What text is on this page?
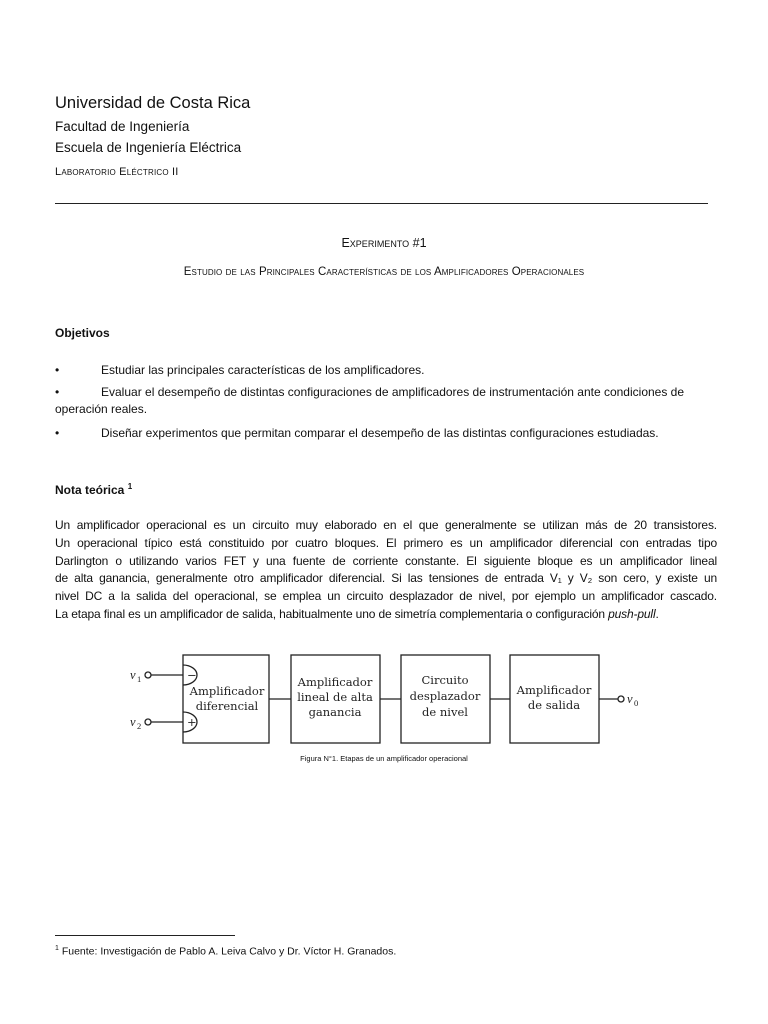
Universidad de Costa Rica
Facultad de Ingeniería
Escuela de Ingeniería Eléctrica
Laboratorio Eléctrico II
Experimento #1
Estudio de las Principales Características de los Amplificadores Operacionales
Objetivos
•	Estudiar las principales características de los amplificadores.
•	Evaluar el desempeño de distintas configuraciones de amplificadores de instrumentación ante condiciones de
operación reales.
•	Diseñar experimentos que permitan comparar el desempeño de las distintas configuraciones estudiadas.
Nota teórica $^1$
Un amplificador operacional es un circuito muy elaborado en el que generalmente se utilizan más de 20 transistores.
Un operacional típico está constituido por cuatro bloques. El primero es un amplificador diferencial con entradas tipo
Darlington o utilizando varios FET y una fuente de corriente constante. El siguiente bloque es un amplificador lineal
de alta ganancia, generalmente otro amplificador diferencial. Si las tensiones de entrada V₁ y V₂ son cero, y existe un
nivel DC a la salida del operacional, se emplea un circuito desplazador de nivel, por ejemplo un amplificador cascado.
La etapa final es un amplificador de salida, habitualmente uno de simetría complementaria o configuración push-pull.
v 1
v 2
−
+
Amplificador
diferencial
Amplificador
lineal de alta
ganancia
Circuito
desplazador
de nivel
Amplificador
de salida	v 0
Figura N°1. Etapas de un amplificador operacional
$^1$ Fuente: Investigación de Pablo A. Leiva Calvo y Dr. Víctor H. Granados.
